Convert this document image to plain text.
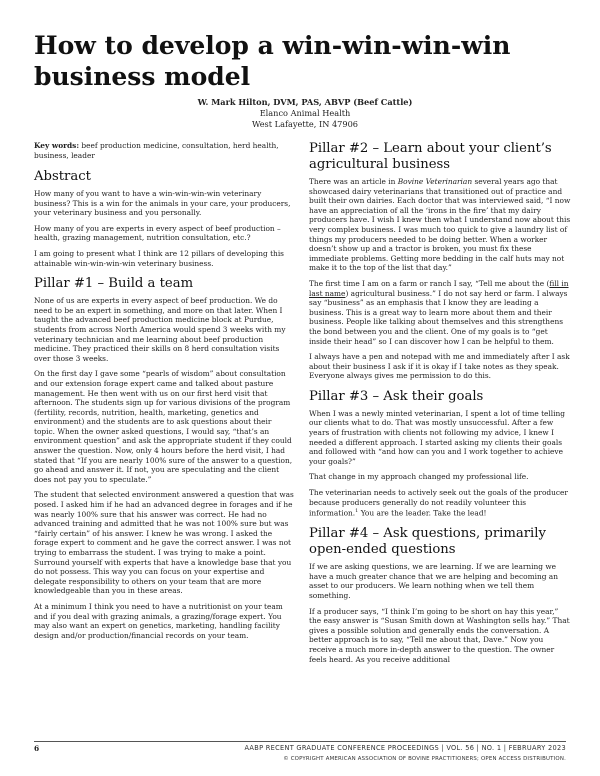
How to develop a win-win-win-win
business model
W. Mark Hilton, DVM, PAS, ABVP (Beef Cattle)
Elanco Animal Health
West Lafayette, IN 47906

Key words: beef production medicine, consultation, herd health, business, leader

Abstract

How many of you want to have a win-win-win-win veterinary business? This is a win for the animals in your care, your producers, your veterinary business and you personally.

How many of you are experts in every aspect of beef production – health, grazing management, nutrition consultation, etc.?

I am going to present what I think are 12 pillars of developing this attainable win-win-win-win veterinary business.

Pillar #1 – Build a team

None of us are experts in every aspect of beef production. We do need to be an expert in something, and more on that later. When I taught the advanced beef production medicine block at Purdue, students from across North America would spend 3 weeks with my veterinary technician and me learning about beef production medicine. They practiced their skills on 8 herd consultation visits over those 3 weeks.

On the first day I gave some “pearls of wisdom” about consultation and our extension forage expert came and talked about pasture management. He then went with us on our first herd visit that afternoon. The students sign up for various divisions of the program (fertility, records, nutrition, health, marketing, genetics and environment) and the students are to ask questions about their topic. When the owner asked questions, I would say, “that’s an environment question” and ask the appropriate student if they could answer the question. Now, only 4 hours before the herd visit, I had stated that “If you are nearly 100% sure of the answer to a question, go ahead and answer it. If not, you are speculating and the client does not pay you to speculate.”

The student that selected environment answered a question that was posed. I asked him if he had an advanced degree in forages and if he was nearly 100% sure that his answer was correct. He had no advanced training and admitted that he was not 100% sure but was “fairly certain” of his answer. I knew he was wrong. I asked the forage expert to comment and he gave the correct answer. I was not trying to embarrass the student. I was trying to make a point. Surround yourself with experts that have a knowledge base that you do not possess. This way you can focus on your expertise and delegate responsibility to others on your team that are more knowledgeable than you in these areas.

At a minimum I think you need to have a nutritionist on your team and if you deal with grazing animals, a grazing/forage expert. You may also want an expert on genetics, marketing, handling facility design and/or production/financial records on your team.

Pillar #2 – Learn about your client’s
agricultural business

There was an article in Bovine Veterinarian several years ago that showcased dairy veterinarians that transitioned out of practice and built their own dairies. Each doctor that was interviewed said, “I now have an appreciation of all the ‘irons in the fire’ that my dairy producers have. I wish I knew then what I understand now about this very complex business. I was much too quick to give a laundry list of things my producers needed to be doing better. When a worker doesn’t show up and a tractor is broken, you must fix these immediate problems. Getting more bedding in the calf huts may not make it to the top of the list that day.”

The first time I am on a farm or ranch I say, “Tell me about the (fill in last name) agricultural business.” I do not say herd or farm. I always say “business” as an emphasis that I know they are leading a business. This is a great way to learn more about them and their business. People like talking about themselves and this strengthens the bond between you and the client. One of my goals is to “get inside their head” so I can discover how I can be helpful to them.

I always have a pen and notepad with me and immediately after I ask about their business I ask if it is okay if I take notes as they speak. Everyone always gives me permission to do this.

Pillar #3 – Ask their goals

When I was a newly minted veterinarian, I spent a lot of time telling our clients what to do. That was mostly unsuccessful. After a few years of frustration with clients not following my advice, I knew I needed a different approach. I started asking my clients their goals and followed with “and how can you and I work together to achieve your goals?”

That change in my approach changed my professional life.

The veterinarian needs to actively seek out the goals of the producer because producers generally do not readily volunteer this information.$^1$ You are the leader. Take the lead!

Pillar #4 – Ask questions, primarily
open-ended questions

If we are asking questions, we are learning. If we are learning we have a much greater chance that we are helping and becoming an asset to our producers. We learn nothing when we tell them something.

If a producer says, “I think I’m going to be short on hay this year,” the easy answer is “Susan Smith down at Washington sells hay.” That gives a possible solution and generally ends the conversation. A better approach is to say, “Tell me about that, Dave.” Now you receive a much more in-depth answer to the question. The owner feels heard. As you receive additional

6	AABP RECENT GRADUATE CONFERENCE PROCEEDINGS | VOL. 56 | NO. 1 | FEBRUARY 2023
© COPYRIGHT AMERICAN ASSOCIATION OF BOVINE PRACTITIONERS; OPEN ACCESS DISTRIBUTION.
